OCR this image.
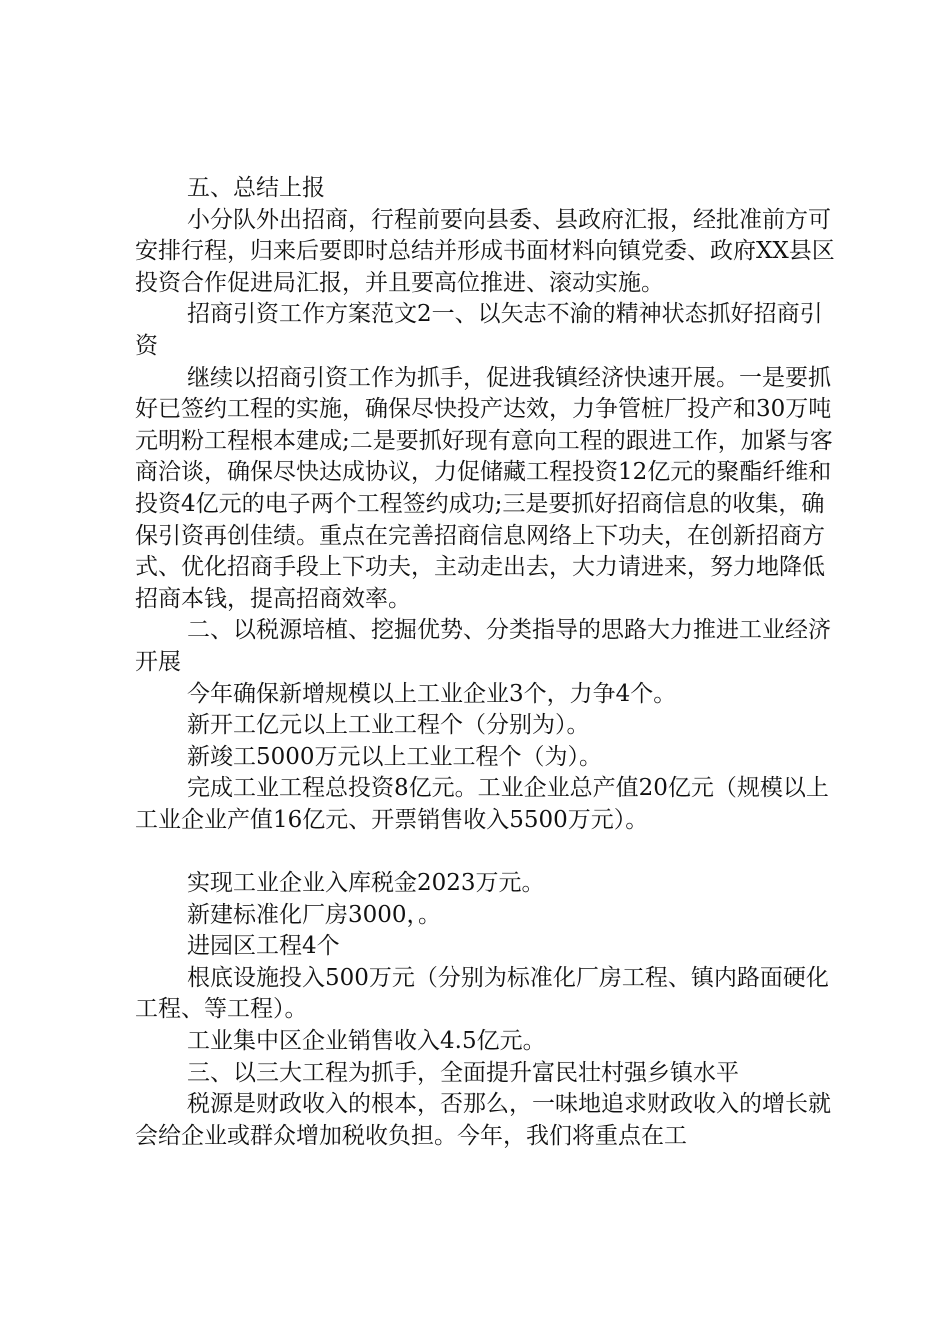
五、总结上报

小分队外出招商，行程前要向县委、县政府汇报，经批准前方可安排行程，归来后要即时总结并形成书面材料向镇党委、政府XX县区投资合作促进局汇报，并且要高位推进、滚动实施。

招商引资工作方案范文2一、以矢志不渝的精神状态抓好招商引资

继续以招商引资工作为抓手，促进我镇经济快速开展。一是要抓好已签约工程的实施，确保尽快投产达效，力争管桩厂投产和30万吨元明粉工程根本建成;二是要抓好现有意向工程的跟进工作，加紧与客商洽谈，确保尽快达成协议，力促储藏工程投资12亿元的聚酯纤维和投资4亿元的电子两个工程签约成功;三是要抓好招商信息的收集，确保引资再创佳绩。重点在完善招商信息网络上下功夫，在创新招商方式、优化招商手段上下功夫，主动走出去，大力请进来，努力地降低招商本钱，提高招商效率。

二、以税源培植、挖掘优势、分类指导的思路大力推进工业经济开展

今年确保新增规模以上工业企业3个，力争4个。

新开工亿元以上工业工程个（分别为）。

新竣工5000万元以上工业工程个（为）。

完成工业工程总投资8亿元。工业企业总产值20亿元（规模以上工业企业产值16亿元、开票销售收入5500万元）。

实现工业企业入库税金2023万元。

新建标准化厂房3000，。

进园区工程4个

根底设施投入500万元（分别为标准化厂房工程、镇内路面硬化工程、等工程）。

工业集中区企业销售收入4.5亿元。

三、以三大工程为抓手，全面提升富民壮村强乡镇水平

税源是财政收入的根本，否那么，一味地追求财政收入的增长就会给企业或群众增加税收负担。今年，我们将重点在工
